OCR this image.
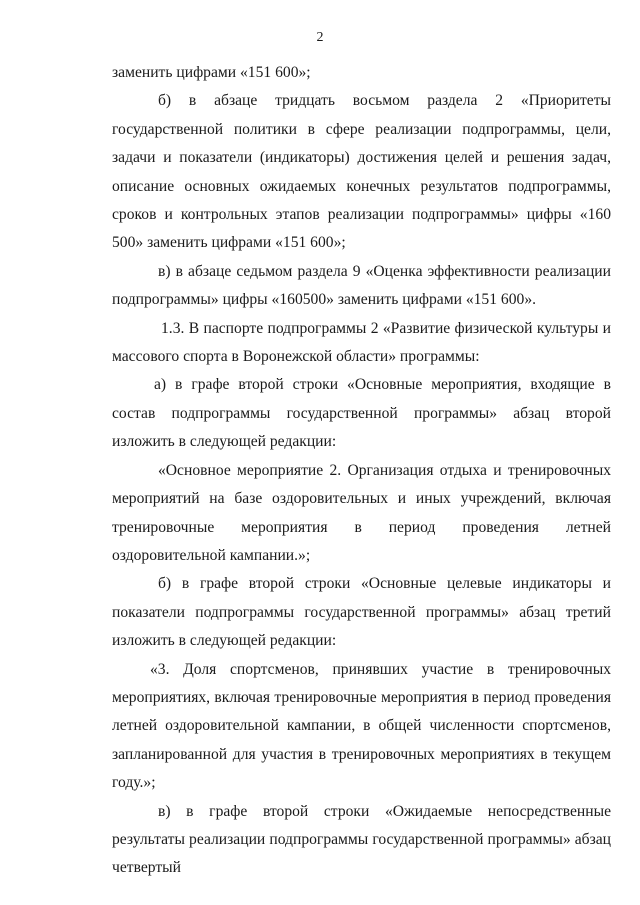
2

заменить цифрами «151 600»;

б) в абзаце тридцать восьмом раздела 2 «Приоритеты государственной политики в сфере реализации подпрограммы, цели, задачи и показатели (индикаторы) достижения целей и решения задач, описание основных ожидаемых конечных результатов подпрограммы, сроков и контрольных этапов реализации подпрограммы» цифры «160 500» заменить цифрами «151 600»;

в) в абзаце седьмом раздела 9 «Оценка эффективности реализации подпрограммы» цифры «160500» заменить цифрами «151 600».

1.3. В паспорте подпрограммы 2 «Развитие физической культуры и массового спорта в Воронежской области» программы:

а) в графе второй строки «Основные мероприятия, входящие в состав подпрограммы государственной программы» абзац второй изложить в следующей редакции:

«Основное мероприятие 2. Организация отдыха и тренировочных мероприятий на базе оздоровительных и иных учреждений, включая тренировочные мероприятия в период проведения летней оздоровительной кампании.»;

б) в графе второй строки «Основные целевые индикаторы и показатели подпрограммы государственной программы» абзац третий изложить в следующей редакции:

«3. Доля спортсменов, принявших участие в тренировочных мероприятиях, включая тренировочные мероприятия в период проведения летней оздоровительной кампании, в общей численности спортсменов, запланированной для участия в тренировочных мероприятиях в текущем году.»;

в) в графе второй строки «Ожидаемые непосредственные результаты реализации подпрограммы государственной программы» абзац четвертый
